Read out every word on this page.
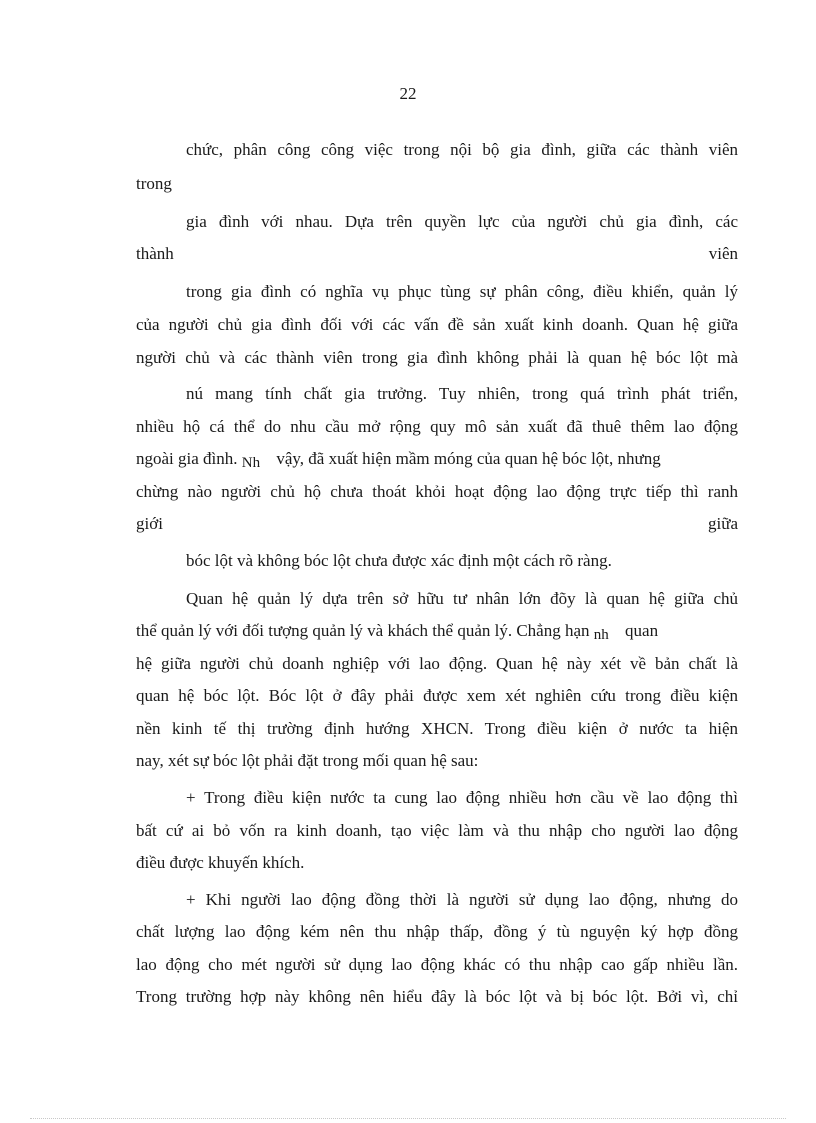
22
chức, phân công công việc trong nội bộ gia đình, giữa các thành viên
trong
gia đình với nhau. Dựa trên quyền lực của người chủ gia đình, các
thành	viên
trong gia đình có nghĩa vụ phục tùng sự phân công, điều khiển, quản lý
của người chủ gia đình đối với các vấn đề sản xuất kinh doanh. Quan hệ giữa
người chủ và các thành viên trong gia đình không phải là quan hệ bóc lột mà
nú mang tính chất gia trưởng. Tuy nhiên, trong quá trình phát triển,
nhiều hộ cá thể do nhu cầu mở rộng quy mô sản xuất đã thuê thêm lao động
ngoài gia đình. Nh vậy, đã xuất hiện mầm móng của quan hệ bóc lột, nhưng
chừng nào người chủ hộ chưa thoát khỏi hoạt động lao động trực tiếp thì ranh
giới	giữa
bóc lột và không bóc lột chưa được xác định một cách rõ ràng.
Quan hệ quản lý dựa trên sở hữu tư nhân lớn đõy là quan hệ giữa chủ
thể quản lý với đối tượng quản lý và khách thể quản lý. Chẳng hạn nh quan
hệ giữa người chủ doanh nghiệp với lao động. Quan hệ này xét về bản chất là
quan hệ bóc lột. Bóc lột ở đây phải được xem xét nghiên cứu trong điều kiện
nền kinh tế thị trường định hướng XHCN. Trong điều kiện ở nước ta hiện
nay, xét sự bóc lột phải đặt trong mối quan hệ sau:
+ Trong điều kiện nước ta cung lao động nhiều hơn cầu về lao động thì
bất cứ ai bỏ vốn ra kinh doanh, tạo việc làm và thu nhập cho người lao động
điều được khuyến khích.
+ Khi người lao động đồng thời là người sử dụng lao động, nhưng do
chất lượng lao động kém nên thu nhập thấp, đồng ý tù nguyện ký hợp đồng
lao động cho mét người sử dụng lao động khác có thu nhập cao gấp nhiều lần.
Trong trường hợp này không nên hiểu đây là bóc lột và bị bóc lột. Bởi vì, chỉ
